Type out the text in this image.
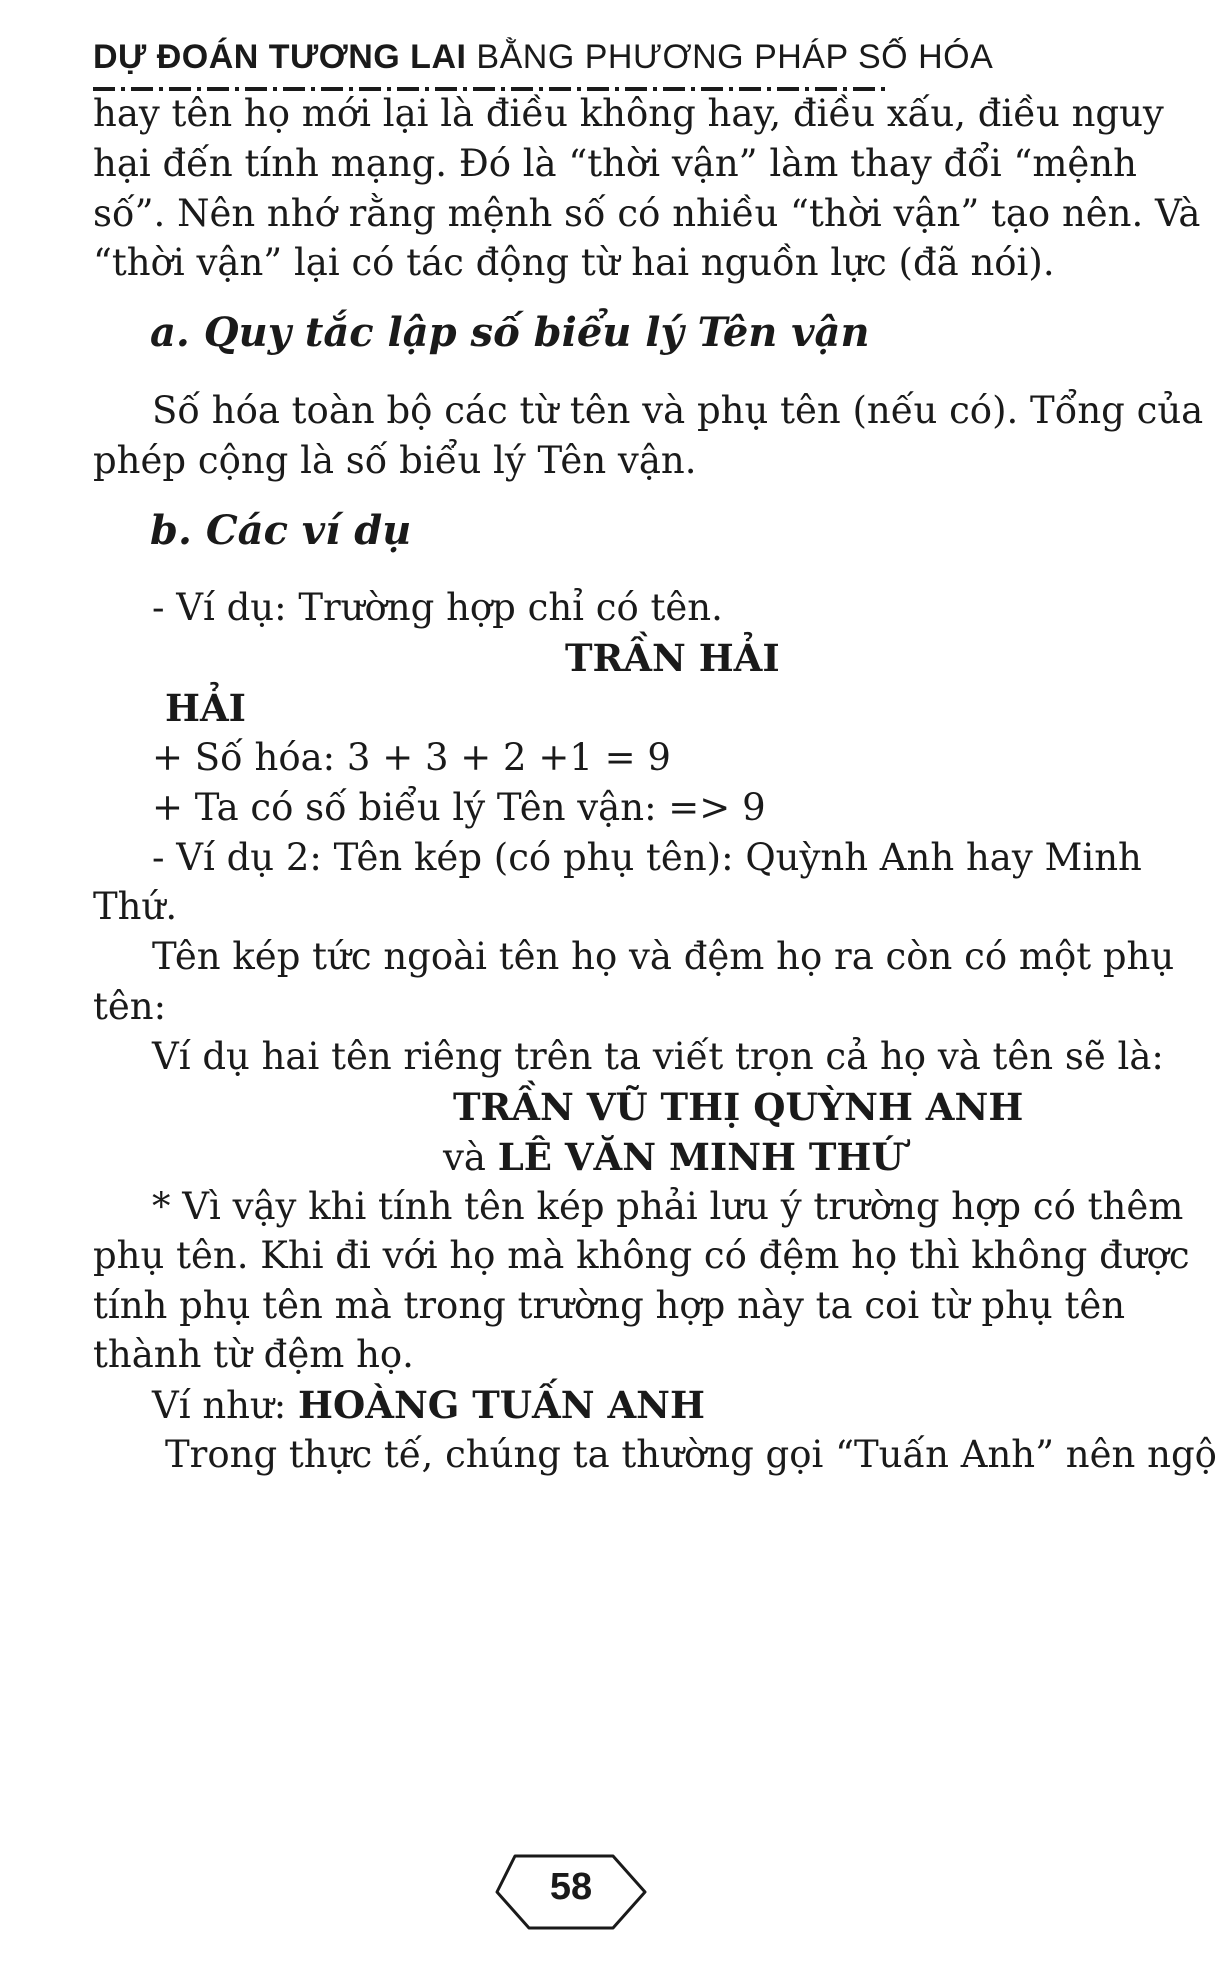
DỰ ĐOÁN TƯƠNG LAI BẰNG PHƯƠNG PHÁP SỐ HÓA
hay tên họ mới lại là điều không hay, điều xấu, điều nguy
hại đến tính mạng. Đó là “thời vận” làm thay đổi “mệnh
số”. Nên nhớ rằng mệnh số có nhiều “thời vận” tạo nên. Và
“thời vận” lại có tác động từ hai nguồn lực (đã nói).
a. Quy tắc lập số biểu lý Tên vận
Số hóa toàn bộ các từ tên và phụ tên (nếu có). Tổng của
phép cộng là số biểu lý Tên vận.
b. Các ví dụ
- Ví dụ: Trường hợp chỉ có tên.
TRẦN HẢI
HẢI
+ Số hóa: 3 + 3 + 2 +1 = 9
+ Ta có số biểu lý Tên vận: => 9
- Ví dụ 2: Tên kép (có phụ tên): Quỳnh Anh hay Minh
Thứ.
Tên kép tức ngoài tên họ và đệm họ ra còn có một phụ
tên:
Ví dụ hai tên riêng trên ta viết trọn cả họ và tên sẽ là:
TRẦN VŨ THỊ QUỲNH ANH
và LÊ VĂN MINH THỨ
* Vì vậy khi tính tên kép phải lưu ý trường hợp có thêm
phụ tên. Khi đi với họ mà không có đệm họ thì không được
tính phụ tên mà trong trường hợp này ta coi từ phụ tên
thành từ đệm họ.
Ví như: HOÀNG TUẤN ANH
Trong thực tế, chúng ta thường gọi “Tuấn Anh” nên ngộ
58
